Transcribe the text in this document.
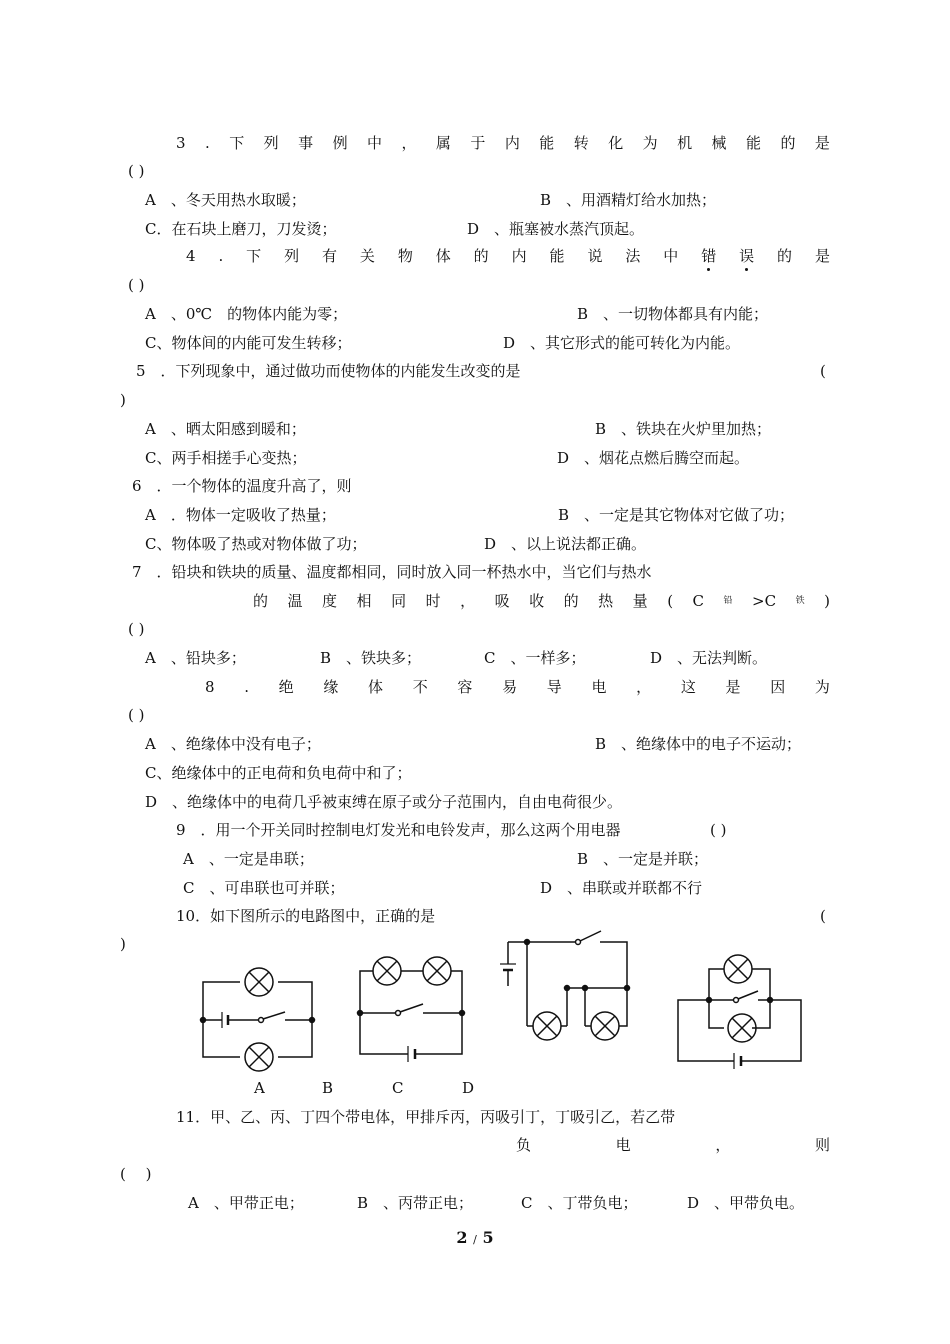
3 . 下 列 事 例 中 ， 属 于 内 能 转 化 为 机 械 能 的 是
( )
A　、冬天用热水取暖；	B　、用酒精灯给水加热；
C．在石块上磨刀，刀发烫；	D　、瓶塞被水蒸汽顶起。
4 . 下 列 有 关 物 体 的 内 能 说 法 中 错 误 的 是
( )
A　、0℃　的物体内能为零；	B　、一切物体都具有内能；
C、物体间的内能可发生转移；	D　、其它形式的能可转化为内能。
5　．下列现象中，通过做功而使物体的内能发生改变的是	(
)
A　、晒太阳感到暖和；	B　、铁块在火炉里加热；
C、两手相搓手心变热；	D　、烟花点燃后腾空而起。
6　．一个物体的温度升高了，则
A　．物体一定吸收了热量；	B　、一定是其它物体对它做了功；
C、物体吸了热或对物体做了功；	D　、以上说法都正确。
7　．铅块和铁块的质量、温度都相同，同时放入同一杯热水中，当它们与热水
的 温 度 相 同 时 ， 吸 收 的 热 量 ( C 铅 >C 铁 )
( )
A　、铅块多；	B　、铁块多；	C　、一样多；	D　、无法判断。
8 . 绝 缘 体 不 容 易 导 电 ， 这 是 因 为
( )
A　、绝缘体中没有电子；	B　、绝缘体中的电子不运动；
C、绝缘体中的正电荷和负电荷中和了；
D　、绝缘体中的电荷几乎被束缚在原子或分子范围内，自由电荷很少。
9　．用一个开关同时控制电灯发光和电铃发声，那么这两个用电器	( )
A　、一定是串联；	B　、一定是并联；
C　、可串联也可并联；	D　、串联或并联都不行
10．如下图所示的电路图中，正确的是	(
)
A	B	C	D
11．甲、乙、丙、丁四个带电体，甲排斥丙，丙吸引丁，丁吸引乙，若乙带
负	电	，	则
(　 )
A　、甲带正电；	B　、丙带正电；	C　、丁带负电；	D　、甲带负电。
2 / 5
